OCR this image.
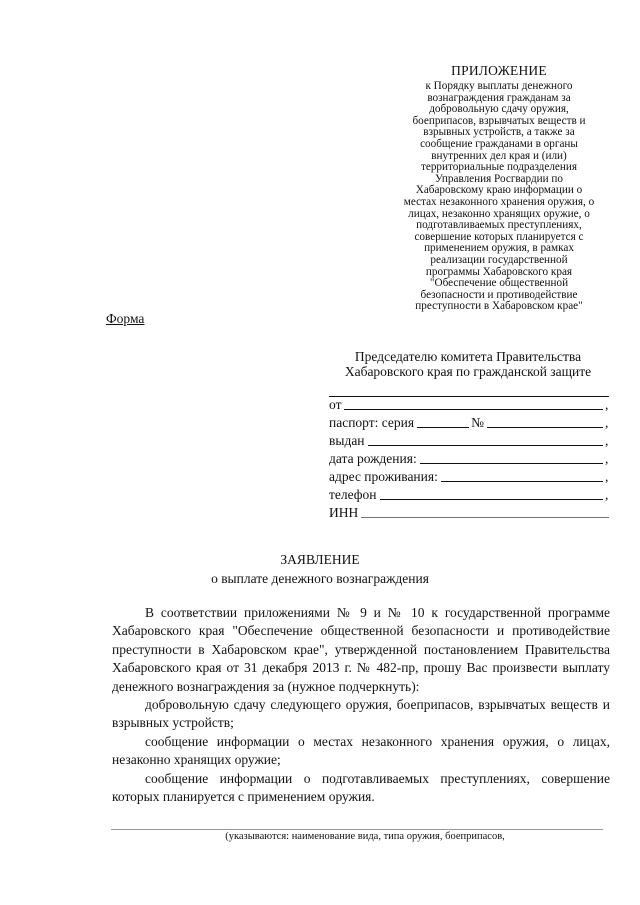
ПРИЛОЖЕНИЕ
к Порядку выплаты денежного
вознаграждения гражданам за
добровольную сдачу оружия,
боеприпасов, взрывчатых веществ и
взрывных устройств, а также за
сообщение гражданами в органы
внутренних дел края и (или)
территориальные подразделения
Управления Росгвардии по
Хабаровскому краю информации о
местах незаконного хранения оружия, о
лицах, незаконно хранящих оружие, о
подготавливаемых преступлениях,
совершение которых планируется с
применением оружия, в рамках
реализации государственной
программы Хабаровского края
"Обеспечение общественной
безопасности и противодействие
преступности в Хабаровском крае"
Форма
Председателю комитета Правительства
Хабаровского края по гражданской защите
от	,
паспорт: серия	№	,
выдан	,
дата рождения:	,
адрес проживания:	,
телефон	,
ИНН
ЗАЯВЛЕНИЕ
о выплате денежного вознаграждения

В соответствии приложениями № 9 и № 10 к государственной программе Хабаровского края "Обеспечение общественной безопасности и противодействие преступности в Хабаровском крае", утвержденной постановлением Правительства Хабаровского края от 31 декабря 2013 г. № 482-пр, прошу Вас произвести выплату денежного вознаграждения за (нужное подчеркнуть):

добровольную сдачу следующего оружия, боеприпасов, взрывчатых веществ и взрывных устройств;

сообщение информации о местах незаконного хранения оружия, о лицах, незаконно хранящих оружие;

сообщение информации о подготавливаемых преступлениях, совершение которых планируется с применением оружия.

(указываются: наименование вида, типа оружия, боеприпасов,
